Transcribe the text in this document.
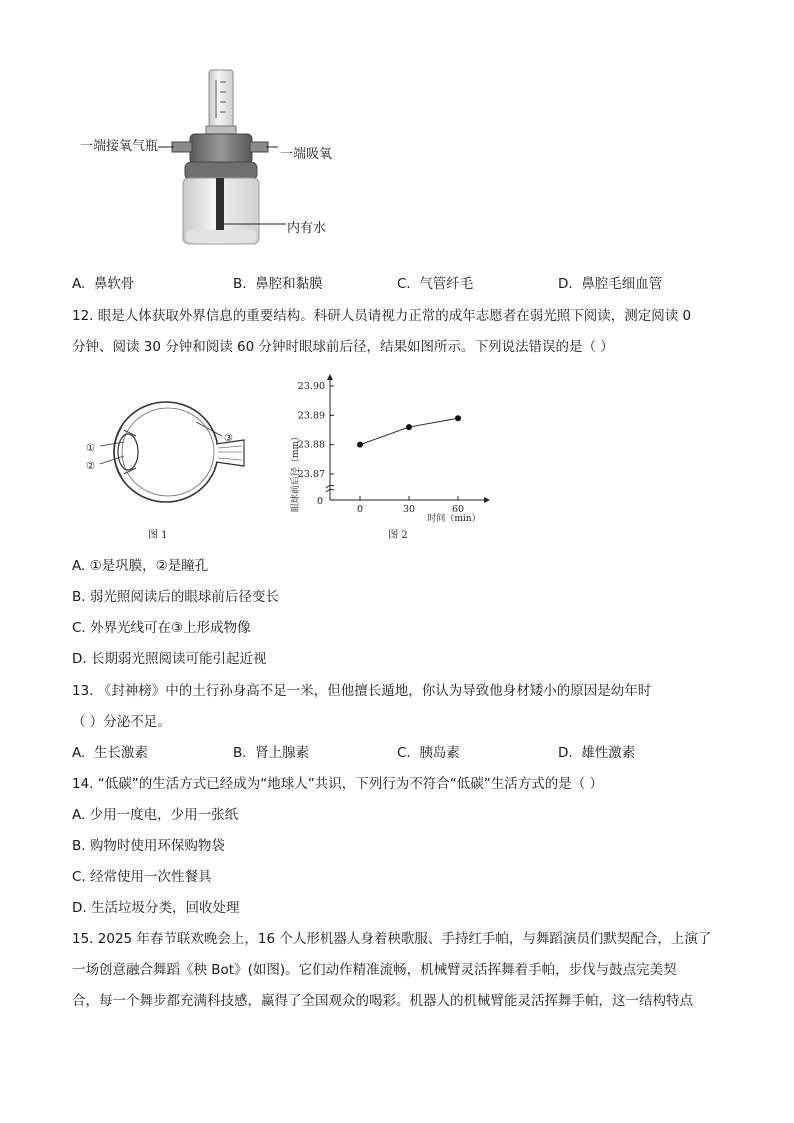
一端接氧气瓶
一端吸氧
内有水
A. 鼻软骨	B. 鼻腔和黏膜	C. 气管纤毛	D. 鼻腔毛细血管
12. 眼是人体获取外界信息的重要结构。科研人员请视力正常的成年志愿者在弱光照下阅读，测定阅读 0
分钟、阅读 30 分钟和阅读 60 分钟时眼球前后径，结果如图所示。下列说法错误的是（ ）
①
②
③
图 1
23.87
23.88
23.89
23.90
0	30	60
0
眼球前后径（mm）
时间（min）
图 2
A. ①是巩膜，②是瞳孔
B. 弱光照阅读后的眼球前后径变长
C. 外界光线可在③上形成物像
D. 长期弱光照阅读可能引起近视
13. 《封神榜》中的土行孙身高不足一米，但他擅长遁地，你认为导致他身材矮小的原因是幼年时
（ ）分泌不足。
A. 生长激素	B. 肾上腺素	C. 胰岛素	D. 雄性激素
14. “低碳”的生活方式已经成为“地球人”共识，下列行为不符合“低碳”生活方式的是（ ）
A. 少用一度电，少用一张纸
B. 购物时使用环保购物袋
C. 经常使用一次性餐具
D. 生活垃圾分类，回收处理
15. 2025 年春节联欢晚会上，16 个人形机器人身着秧歌服、手持红手帕，与舞蹈演员们默契配合，上演了
一场创意融合舞蹈《秧 Bot》(如图)。它们动作精准流畅，机械臂灵活挥舞着手帕，步伐与鼓点完美契
合，每一个舞步都充满科技感，赢得了全国观众的喝彩。机器人的机械臂能灵活挥舞手帕，这一结构特点
